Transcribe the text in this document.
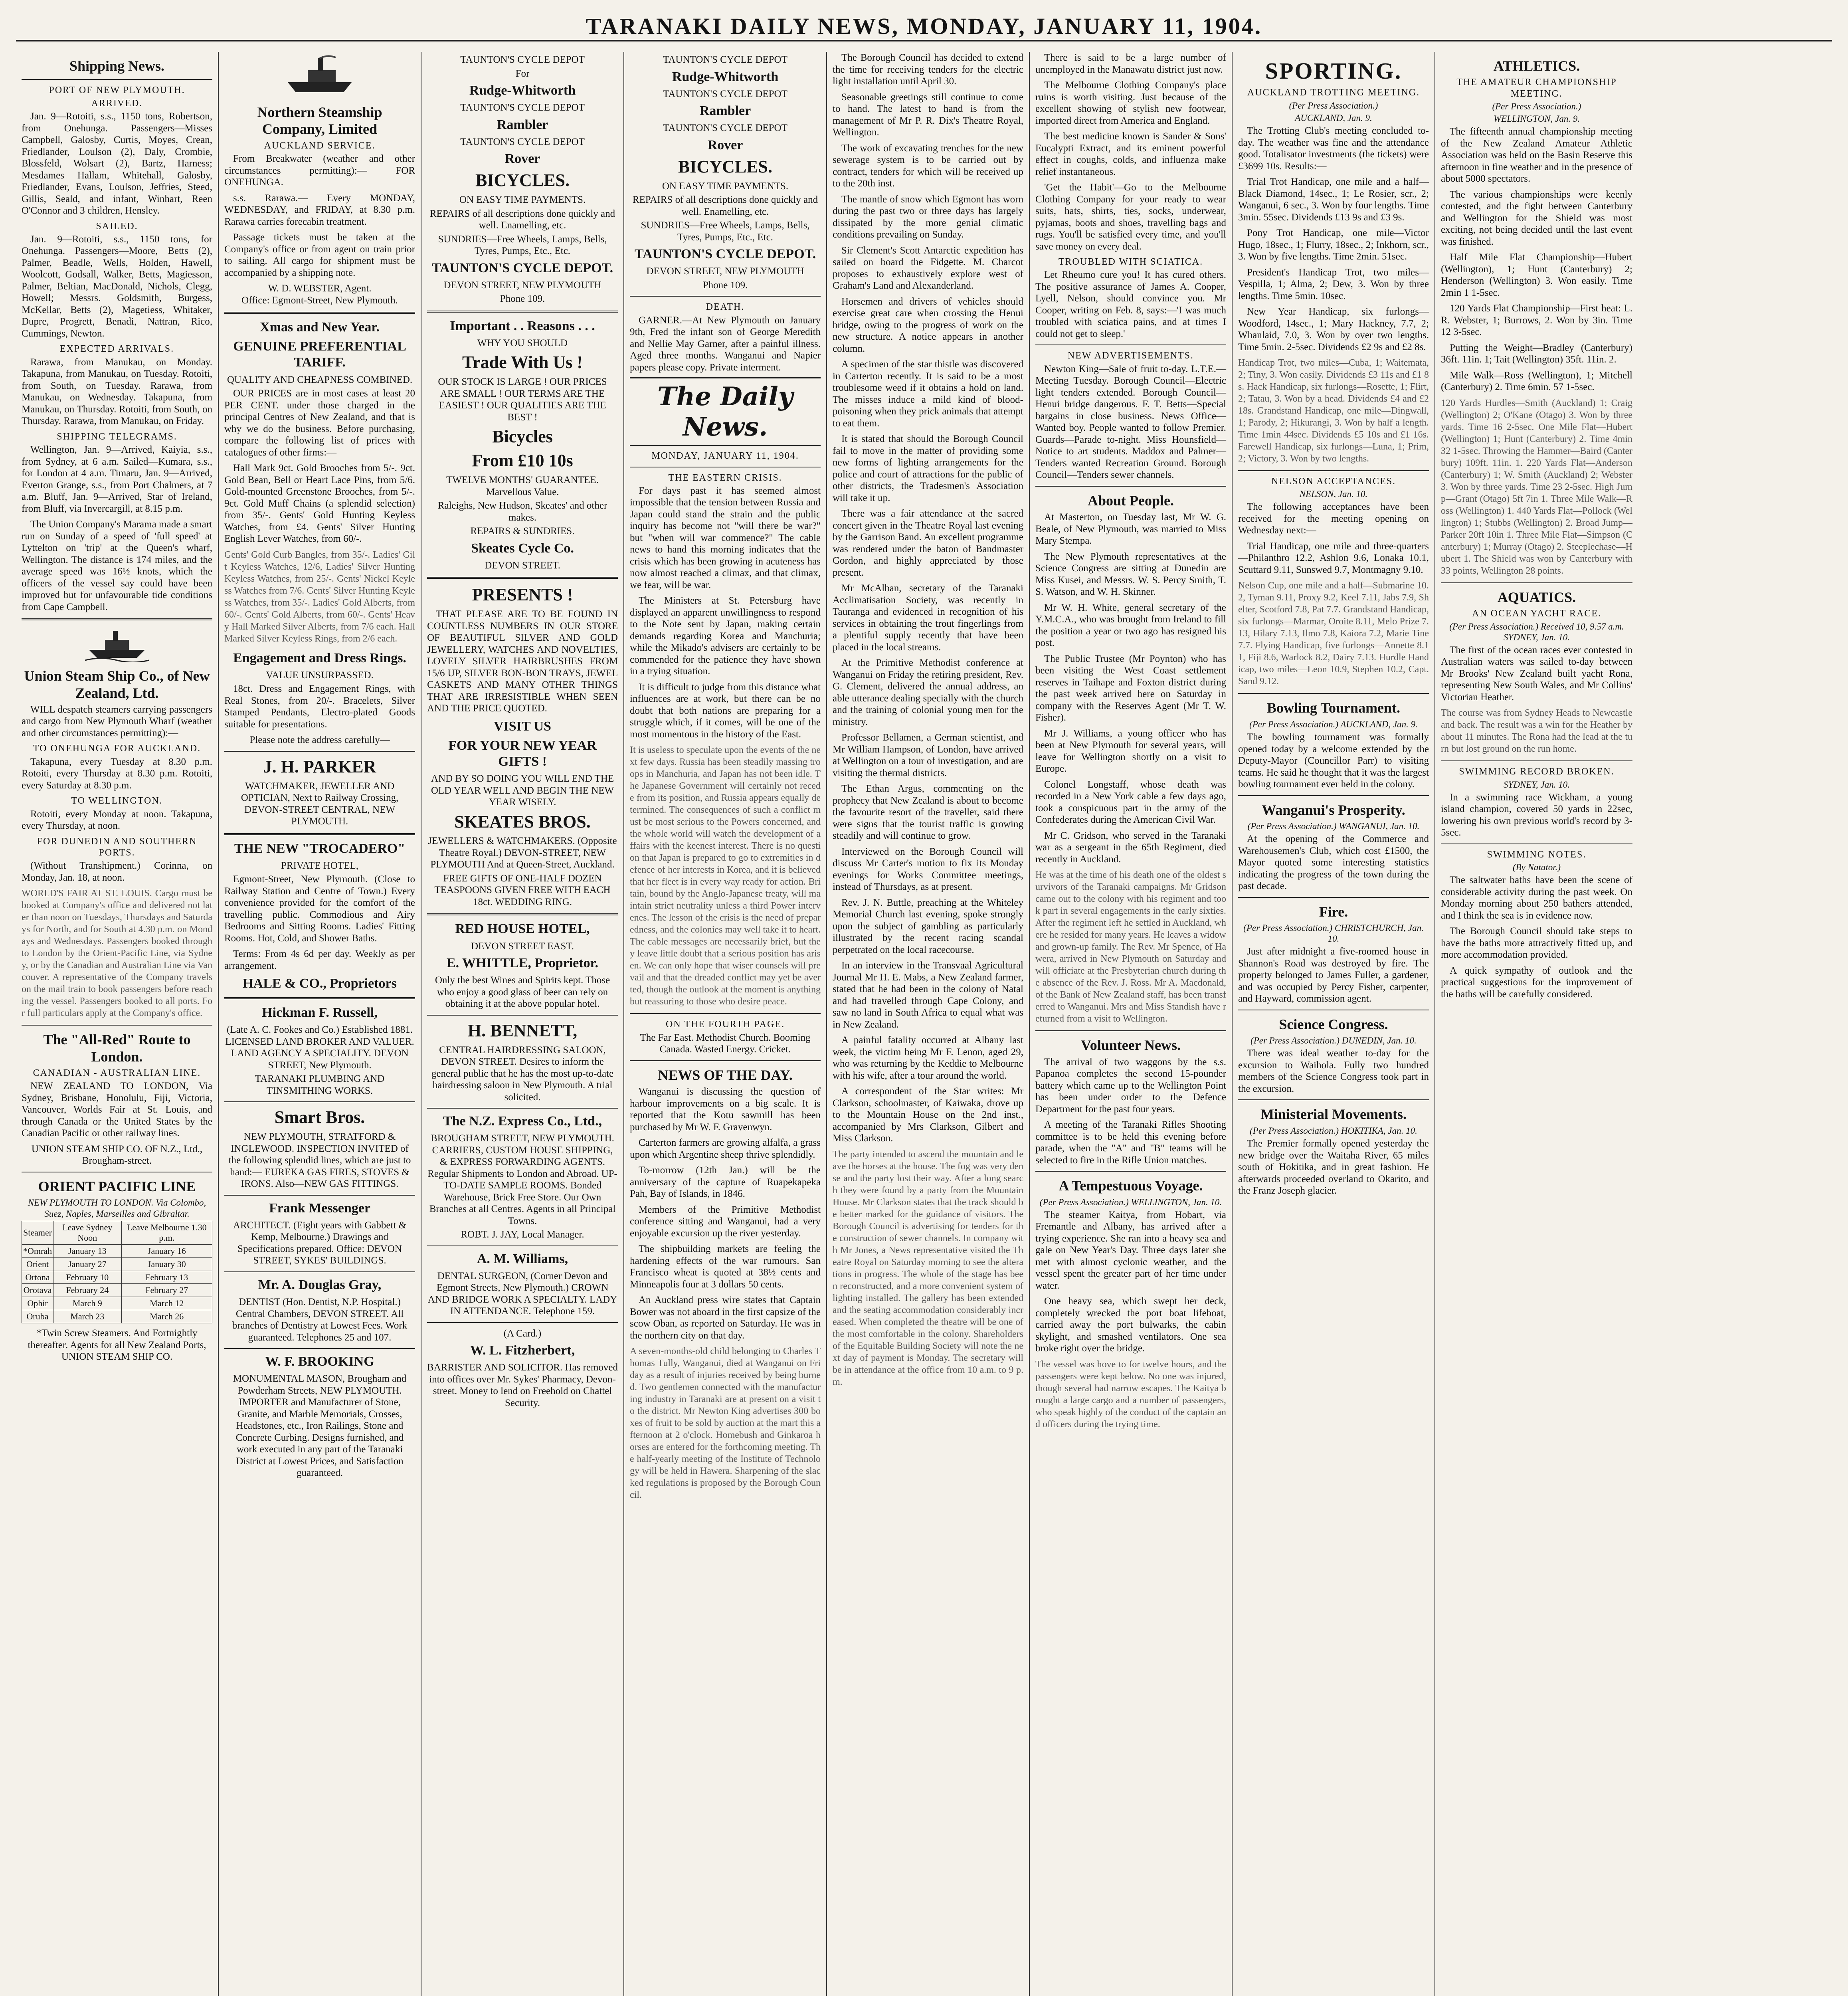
TARANAKI DAILY NEWS, MONDAY, JANUARY 11, 1904.
Shipping News.
PORT OF NEW PLYMOUTH.
ARRIVED.

Jan. 9—Rotoiti, s.s., 1150 tons, Robertson, from Onehunga. Passengers—Misses Campbell, Galosby, Curtis, Moyes, Crean, Friedlander, Loulson (2), Daly, Crombie, Blossfeld, Wolsart (2), Bartz, Harness; Mesdames Hallam, Whitehall, Galosby, Friedlander, Evans, Loulson, Jeffries, Steed, Gillis, Seald, and infant, Winhart, Reen O'Connor and 3 children, Hensley.

SAILED.

Jan. 9—Rotoiti, s.s., 1150 tons, for Onehunga. Passengers—Moore, Betts (2), Palmer, Beadle, Wells, Holden, Hawell, Woolcott, Godsall, Walker, Betts, Magiesson, Palmer, Beltian, MacDonald, Nichols, Clegg, Howell; Messrs. Goldsmith, Burgess, McKellar, Betts (2), Magetiess, Whitaker, Dupre, Progrett, Benadi, Nattran, Rico, Cummings, Newton.

EXPECTED ARRIVALS.

Rarawa, from Manukau, on Monday. Takapuna, from Manukau, on Tuesday. Rotoiti, from South, on Tuesday. Rarawa, from Manukau, on Wednesday. Takapuna, from Manukau, on Thursday. Rotoiti, from South, on Thursday. Rarawa, from Manukau, on Friday.

SHIPPING TELEGRAMS.

Wellington, Jan. 9—Arrived, Kaiyia, s.s., from Sydney, at 6 a.m. Sailed—Kumara, s.s., for London at 4 a.m. Timaru, Jan. 9—Arrived, Everton Grange, s.s., from Port Chalmers, at 7 a.m. Bluff, Jan. 9—Arrived, Star of Ireland, from Bluff, via Invercargill, at 8.15 p.m.

The Union Company's Marama made a smart run on Sunday of a speed of 'full speed' at Lyttelton on 'trip' at the Queen's wharf, Wellington. The distance is 174 miles, and the average speed was 16½ knots, which the officers of the vessel say could have been improved but for unfavourable tide conditions from Cape Campbell.

Union Steam Ship Co., of New Zealand, Ltd.

WILL despatch steamers carrying passengers and cargo from New Plymouth Wharf (weather and other circumstances permitting):—

TO ONEHUNGA FOR AUCKLAND.

Takapuna, every Tuesday at 8.30 p.m. Rotoiti, every Thursday at 8.30 p.m. Rotoiti, every Saturday at 8.30 p.m.

TO WELLINGTON.

Rotoiti, every Monday at noon. Takapuna, every Thursday, at noon.

FOR DUNEDIN AND SOUTHERN PORTS.

(Without Transhipment.) Corinna, on Monday, Jan. 18, at noon.

WORLD'S FAIR AT ST. LOUIS. Cargo must be booked at Company's office and delivered not later than noon on Tuesdays, Thursdays and Saturdays for North, and for South at 4.30 p.m. on Mondays and Wednesdays. Passengers booked through to London by the Orient-Pacific Line, via Sydney, or by the Canadian and Australian Line via Vancouver. A representative of the Company travels on the mail train to book passengers before reaching the vessel. Passengers booked to all ports. For full particulars apply at the Company's office.
The "All-Red" Route to London.
CANADIAN - AUSTRALIAN LINE.

NEW ZEALAND TO LONDON, Via Sydney, Brisbane, Honolulu, Fiji, Victoria, Vancouver, Worlds Fair at St. Louis, and through Canada or the United States by the Canadian Pacific or other railway lines.

UNION STEAM SHIP CO. OF N.Z., Ltd., Brougham-street.
ORIENT PACIFIC LINE
NEW PLYMOUTH TO LONDON. Via Colombo, Suez, Naples, Marseilles and Gibraltar.
Steamer	Leave Sydney Noon	Leave Melbourne 1.30 p.m.
*Omrah	January 13	January 16
Orient	January 27	January 30
Ortona	February 10	February 13
Orotava	February 24	February 27
Ophir	March 9	March 12
Oruba	March 23	March 26
*Twin Screw Steamers. And Fortnightly thereafter. Agents for all New Zealand Ports, UNION STEAM SHIP CO.
Northern Steamship Company, Limited
AUCKLAND SERVICE.

From Breakwater (weather and other circumstances permitting):— FOR ONEHUNGA.

s.s. Rarawa.— Every MONDAY, WEDNESDAY, and FRIDAY, at 8.30 p.m. Rarawa carries forecabin treatment.

Passage tickets must be taken at the Company's office or from agent on train prior to sailing. All cargo for shipment must be accompanied by a shipping note.

W. D. WEBSTER, Agent.
Office: Egmont-Street, New Plymouth.
Xmas and New Year.
GENUINE PREFERENTIAL TARIFF.
QUALITY AND CHEAPNESS COMBINED.

OUR PRICES are in most cases at least 20 PER CENT. under those charged in the principal Centres of New Zealand, and that is why we do the business. Before purchasing, compare the following list of prices with catalogues of other firms:—

Hall Mark 9ct. Gold Brooches from 5/-. 9ct. Gold Bean, Bell or Heart Lace Pins, from 5/6. Gold-mounted Greenstone Brooches, from 5/-. 9ct. Gold Muff Chains (a splendid selection) from 35/-. Gents' Gold Hunting Keyless Watches, from £4. Gents' Silver Hunting English Lever Watches, from 60/-.

Gents' Gold Curb Bangles, from 35/-. Ladies' Gilt Keyless Watches, 12/6, Ladies' Silver Hunting Keyless Watches, from 25/-. Gents' Nickel Keyless Watches from 7/6. Gents' Silver Hunting Keyless Watches, from 35/-. Ladies' Gold Alberts, from 60/-. Gents' Gold Alberts, from 60/-. Gents' Heavy Hall Marked Silver Alberts, from 7/6 each. Hall Marked Silver Keyless Rings, from 2/6 each.
Engagement and Dress Rings.
VALUE UNSURPASSED.

18ct. Dress and Engagement Rings, with Real Stones, from 20/-. Bracelets, Silver Stamped Pendants, Electro-plated Goods suitable for presentations.

Please note the address carefully—
J. H. PARKER
WATCHMAKER, JEWELLER AND OPTICIAN, Next to Railway Crossing, DEVON-STREET CENTRAL, NEW PLYMOUTH.
THE NEW "TROCADERO"
PRIVATE HOTEL,

Egmont-Street, New Plymouth. (Close to Railway Station and Centre of Town.) Every convenience provided for the comfort of the travelling public. Commodious and Airy Bedrooms and Sitting Rooms. Ladies' Fitting Rooms. Hot, Cold, and Shower Baths.

Terms: From 4s 6d per day. Weekly as per arrangement.

HALE & CO., Proprietors
Hickman F. Russell,
(Late A. C. Fookes and Co.) Established 1881. LICENSED LAND BROKER AND VALUER. LAND AGENCY A SPECIALITY. DEVON STREET, New Plymouth.
TARANAKI PLUMBING AND TINSMITHING WORKS.
Smart Bros.
NEW PLYMOUTH, STRATFORD & INGLEWOOD. INSPECTION INVITED of the following splendid lines, which are just to hand:— EUREKA GAS FIRES, STOVES & IRONS. Also—NEW GAS FITTINGS.
Frank Messenger
ARCHITECT. (Eight years with Gabbett & Kemp, Melbourne.) Drawings and Specifications prepared. Office: DEVON STREET, SYKES' BUILDINGS.
Mr. A. Douglas Gray,
DENTIST (Hon. Dentist, N.P. Hospital.) Central Chambers, DEVON STREET. All branches of Dentistry at Lowest Fees. Work guaranteed. Telephones 25 and 107.
W. F. BROOKING
MONUMENTAL MASON, Brougham and Powderham Streets, NEW PLYMOUTH. IMPORTER and Manufacturer of Stone, Granite, and Marble Memorials, Crosses, Headstones, etc., Iron Railings, Stone and Concrete Curbing. Designs furnished, and work executed in any part of the Taranaki District at Lowest Prices, and Satisfaction guaranteed.
TAUNTON'S CYCLE DEPOT
For
Rudge-Whitworth
TAUNTON'S CYCLE DEPOT
Rambler
TAUNTON'S CYCLE DEPOT
Rover
BICYCLES.
ON EASY TIME PAYMENTS.
REPAIRS of all descriptions done quickly and well. Enamelling, etc.
SUNDRIES—Free Wheels, Lamps, Bells, Tyres, Pumps, Etc., Etc.
TAUNTON'S CYCLE DEPOT.
DEVON STREET, NEW PLYMOUTH
Phone 109.
Important . . Reasons . . .
WHY YOU SHOULD
Trade With Us !
OUR STOCK IS LARGE ! OUR PRICES ARE SMALL ! OUR TERMS ARE THE EASIEST ! OUR QUALITIES ARE THE BEST !
Bicycles
From £10 10s
TWELVE MONTHS' GUARANTEE. Marvellous Value.
Raleighs, New Hudson, Skeates' and other makes.
REPAIRS & SUNDRIES.
Skeates Cycle Co.
DEVON STREET.
PRESENTS !

THAT PLEASE ARE TO BE FOUND IN COUNTLESS NUMBERS IN OUR STORE OF BEAUTIFUL SILVER AND GOLD JEWELLERY, WATCHES AND NOVELTIES, LOVELY SILVER HAIRBRUSHES FROM 15/6 UP, SILVER BON-BON TRAYS, JEWEL CASKETS AND MANY OTHER THINGS THAT ARE IRRESISTIBLE WHEN SEEN AND THE PRICE QUOTED.

VISIT US
FOR YOUR NEW YEAR GIFTS !
AND BY SO DOING YOU WILL END THE OLD YEAR WELL AND BEGIN THE NEW YEAR WISELY.
SKEATES BROS.
JEWELLERS & WATCHMAKERS. (Opposite Theatre Royal.) DEVON-STREET, NEW PLYMOUTH And at Queen-Street, Auckland.
FREE GIFTS OF ONE-HALF DOZEN TEASPOONS GIVEN FREE WITH EACH 18ct. WEDDING RING.
RED HOUSE HOTEL,
DEVON STREET EAST.
E. WHITTLE, Proprietor.
Only the best Wines and Spirits kept. Those who enjoy a good glass of beer can rely on obtaining it at the above popular hotel.
H. BENNETT,
CENTRAL HAIRDRESSING SALOON, DEVON STREET. Desires to inform the general public that he has the most up-to-date hairdressing saloon in New Plymouth. A trial solicited.
The N.Z. Express Co., Ltd.,
BROUGHAM STREET, NEW PLYMOUTH. CARRIERS, CUSTOM HOUSE SHIPPING, & EXPRESS FORWARDING AGENTS. Regular Shipments to London and Abroad. UP-TO-DATE SAMPLE ROOMS. Bonded Warehouse, Brick Free Store. Our Own Branches at all Centres. Agents in all Principal Towns.
ROBT. J. JAY, Local Manager.
A. M. Williams,
DENTAL SURGEON, (Corner Devon and Egmont Streets, New Plymouth.) CROWN AND BRIDGE WORK A SPECIALTY. LADY IN ATTENDANCE. Telephone 159.
(A Card.)
W. L. Fitzherbert,
BARRISTER AND SOLICITOR. Has removed into offices over Mr. Sykes' Pharmacy, Devon-street. Money to lend on Freehold on Chattel Security.
TAUNTON'S CYCLE DEPOT
Rudge-Whitworth
TAUNTON'S CYCLE DEPOT
Rambler
TAUNTON'S CYCLE DEPOT
Rover
BICYCLES.
ON EASY TIME PAYMENTS.
REPAIRS of all descriptions done quickly and well. Enamelling, etc.
SUNDRIES—Free Wheels, Lamps, Bells, Tyres, Pumps, Etc., Etc.
TAUNTON'S CYCLE DEPOT.
DEVON STREET, NEW PLYMOUTH
Phone 109.
DEATH.

GARNER.—At New Plymouth on January 9th, Fred the infant son of George Meredith and Nellie May Garner, after a painful illness. Aged three months. Wanganui and Napier papers please copy. Private interment.

The Daily News.
MONDAY, JANUARY 11, 1904.
THE EASTERN CRISIS.

For days past it has seemed almost impossible that the tension between Russia and Japan could stand the strain and the public inquiry has become not "will there be war?" but "when will war commence?" The cable news to hand this morning indicates that the crisis which has been growing in acuteness has now almost reached a climax, and that climax, we fear, will be war.

The Ministers at St. Petersburg have displayed an apparent unwillingness to respond to the Note sent by Japan, making certain demands regarding Korea and Manchuria; while the Mikado's advisers are certainly to be commended for the patience they have shown in a trying situation.

It is difficult to judge from this distance what influences are at work, but there can be no doubt that both nations are preparing for a struggle which, if it comes, will be one of the most momentous in the history of the East.

It is useless to speculate upon the events of the next few days. Russia has been steadily massing troops in Manchuria, and Japan has not been idle. The Japanese Government will certainly not recede from its position, and Russia appears equally determined. The consequences of such a conflict must be most serious to the Powers concerned, and the whole world will watch the development of affairs with the keenest interest. There is no question that Japan is prepared to go to extremities in defence of her interests in Korea, and it is believed that her fleet is in every way ready for action. Britain, bound by the Anglo-Japanese treaty, will maintain strict neutrality unless a third Power intervenes. The lesson of the crisis is the need of preparedness, and the colonies may well take it to heart. The cable messages are necessarily brief, but they leave little doubt that a serious position has arisen. We can only hope that wiser counsels will prevail and that the dreaded conflict may yet be averted, though the outlook at the moment is anything but reassuring to those who desire peace.
ON THE FOURTH PAGE.
The Far East. Methodist Church. Booming Canada. Wasted Energy. Cricket.
NEWS OF THE DAY.

Wanganui is discussing the question of harbour improvements on a big scale. It is reported that the Kotu sawmill has been purchased by Mr W. F. Gravenwyn.

Carterton farmers are growing alfalfa, a grass upon which Argentine sheep thrive splendidly.

To-morrow (12th Jan.) will be the anniversary of the capture of Ruapekapeka Pah, Bay of Islands, in 1846.

Members of the Primitive Methodist conference sitting and Wanganui, had a very enjoyable excursion up the river yesterday.

The shipbuilding markets are feeling the hardening effects of the war rumours. San Francisco wheat is quoted at 38½ cents and Minneapolis four at 3 dollars 50 cents.

An Auckland press wire states that Captain Bower was not aboard in the first capsize of the scow Oban, as reported on Saturday. He was in the northern city on that day.

A seven-months-old child belonging to Charles Thomas Tully, Wanganui, died at Wanganui on Friday as a result of injuries received by being burned. Two gentlemen connected with the manufacturing industry in Taranaki are at present on a visit to the district. Mr Newton King advertises 300 boxes of fruit to be sold by auction at the mart this afternoon at 2 o'clock. Homebush and Ginkaroa horses are entered for the forthcoming meeting. The half-yearly meeting of the Institute of Technology will be held in Hawera. Sharpening of the slacked regulations is proposed by the Borough Council.

The Borough Council has decided to extend the time for receiving tenders for the electric light installation until April 30.

Seasonable greetings still continue to come to hand. The latest to hand is from the management of Mr P. R. Dix's Theatre Royal, Wellington.

The work of excavating trenches for the new sewerage system is to be carried out by contract, tenders for which will be received up to the 20th inst.

The mantle of snow which Egmont has worn during the past two or three days has largely dissipated by the more genial climatic conditions prevailing on Sunday.

Sir Clement's Scott Antarctic expedition has sailed on board the Fidgette. M. Charcot proposes to exhaustively explore west of Graham's Land and Alexanderland.

Horsemen and drivers of vehicles should exercise great care when crossing the Henui bridge, owing to the progress of work on the new structure. A notice appears in another column.

A specimen of the star thistle was discovered in Carterton recently. It is said to be a most troublesome weed if it obtains a hold on land. The misses induce a mild kind of blood-poisoning when they prick animals that attempt to eat them.

It is stated that should the Borough Council fail to move in the matter of providing some new forms of lighting arrangements for the police and court of attractions for the public of other districts, the Tradesmen's Association will take it up.

There was a fair attendance at the sacred concert given in the Theatre Royal last evening by the Garrison Band. An excellent programme was rendered under the baton of Bandmaster Gordon, and highly appreciated by those present.

Mr McAlban, secretary of the Taranaki Acclimatisation Society, was recently in Tauranga and evidenced in recognition of his services in obtaining the trout fingerlings from a plentiful supply recently that have been placed in the local streams.

At the Primitive Methodist conference at Wanganui on Friday the retiring president, Rev. G. Clement, delivered the annual address, an able utterance dealing specially with the church and the training of colonial young men for the ministry.

Professor Bellamen, a German scientist, and Mr William Hampson, of London, have arrived at Wellington on a tour of investigation, and are visiting the thermal districts.

The Ethan Argus, commenting on the prophecy that New Zealand is about to become the favourite resort of the traveller, said there were signs that the tourist traffic is growing steadily and will continue to grow.

Interviewed on the Borough Council will discuss Mr Carter's motion to fix its Monday evenings for Works Committee meetings, instead of Thursdays, as at present.

Rev. J. N. Buttle, preaching at the Whiteley Memorial Church last evening, spoke strongly upon the subject of gambling as particularly illustrated by the recent racing scandal perpetrated on the local racecourse.

In an interview in the Transvaal Agricultural Journal Mr H. E. Mabs, a New Zealand farmer, stated that he had been in the colony of Natal and had travelled through Cape Colony, and saw no land in South Africa to equal what was in New Zealand.

A painful fatality occurred at Albany last week, the victim being Mr F. Lenon, aged 29, who was returning by the Keddie to Melbourne with his wife, after a tour around the world.

A correspondent of the Star writes: Mr Clarkson, schoolmaster, of Kaiwaka, drove up to the Mountain House on the 2nd inst., accompanied by Mrs Clarkson, Gilbert and Miss Clarkson.

The party intended to ascend the mountain and leave the horses at the house. The fog was very dense and the party lost their way. After a long search they were found by a party from the Mountain House. Mr Clarkson states that the track should be better marked for the guidance of visitors. The Borough Council is advertising for tenders for the construction of sewer channels. In company with Mr Jones, a News representative visited the Theatre Royal on Saturday morning to see the alterations in progress. The whole of the stage has been reconstructed, and a more convenient system of lighting installed. The gallery has been extended and the seating accommodation considerably increased. When completed the theatre will be one of the most comfortable in the colony. Shareholders of the Equitable Building Society will note the next day of payment is Monday. The secretary will be in attendance at the office from 10 a.m. to 9 p.m.

There is said to be a large number of unemployed in the Manawatu district just now.

The Melbourne Clothing Company's place ruins is worth visiting. Just because of the excellent showing of stylish new footwear, imported direct from America and England.

The best medicine known is Sander & Sons' Eucalypti Extract, and its eminent powerful effect in coughs, colds, and influenza make relief instantaneous.

'Get the Habit'—Go to the Melbourne Clothing Company for your ready to wear suits, hats, shirts, ties, socks, underwear, pyjamas, boots and shoes, travelling bags and rugs. You'll be satisfied every time, and you'll save money on every deal.

TROUBLED WITH SCIATICA.

Let Rheumo cure you! It has cured others. The positive assurance of James A. Cooper, Lyell, Nelson, should convince you. Mr Cooper, writing on Feb. 8, says:—'I was much troubled with sciatica pains, and at times I could not get to sleep.'

NEW ADVERTISEMENTS.

Newton King—Sale of fruit to-day. L.T.E.—Meeting Tuesday. Borough Council—Electric light tenders extended. Borough Council—Henui bridge dangerous. F. T. Betts—Special bargains in close business. News Office—Wanted boy. People wanted to follow Premier. Guards—Parade to-night. Miss Hounsfield—Notice to art students. Maddox and Palmer—Tenders wanted Recreation Ground. Borough Council—Tenders sewer channels.

About People.

At Masterton, on Tuesday last, Mr W. G. Beale, of New Plymouth, was married to Miss Mary Stempa.

The New Plymouth representatives at the Science Congress are sitting at Dunedin are Miss Kusei, and Messrs. W. S. Percy Smith, T. S. Watson, and W. H. Skinner.

Mr W. H. White, general secretary of the Y.M.C.A., who was brought from Ireland to fill the position a year or two ago has resigned his post.

The Public Trustee (Mr Poynton) who has been visiting the West Coast settlement reserves in Taihape and Foxton district during the past week arrived here on Saturday in company with the Reserves Agent (Mr T. W. Fisher).

Mr J. Williams, a young officer who has been at New Plymouth for several years, will leave for Wellington shortly on a visit to Europe.

Colonel Longstaff, whose death was recorded in a New York cable a few days ago, took a conspicuous part in the army of the Confederates during the American Civil War.

Mr C. Gridson, who served in the Taranaki war as a sergeant in the 65th Regiment, died recently in Auckland.

He was at the time of his death one of the oldest survivors of the Taranaki campaigns. Mr Gridson came out to the colony with his regiment and took part in several engagements in the early sixties. After the regiment left he settled in Auckland, where he resided for many years. He leaves a widow and grown-up family. The Rev. Mr Spence, of Hawera, arrived in New Plymouth on Saturday and will officiate at the Presbyterian church during the absence of the Rev. J. Ross. Mr A. Macdonald, of the Bank of New Zealand staff, has been transferred to Wanganui. Mrs and Miss Standish have returned from a visit to Wellington.
Volunteer News.

The arrival of two waggons by the s.s. Papanoa completes the second 15-pounder battery which came up to the Wellington Point has been under order to the Defence Department for the past four years.

A meeting of the Taranaki Rifles Shooting committee is to be held this evening before parade, when the "A" and "B" teams will be selected to fire in the Rifle Union matches.

A Tempestuous Voyage.
(Per Press Association.) WELLINGTON, Jan. 10.

The steamer Kaitya, from Hobart, via Fremantle and Albany, has arrived after a trying experience. She ran into a heavy sea and gale on New Year's Day. Three days later she met with almost cyclonic weather, and the vessel spent the greater part of her time under water.

One heavy sea, which swept her deck, completely wrecked the port boat lifeboat, carried away the port bulwarks, the cabin skylight, and smashed ventilators. One sea broke right over the bridge.

The vessel was hove to for twelve hours, and the passengers were kept below. No one was injured, though several had narrow escapes. The Kaitya brought a large cargo and a number of passengers, who speak highly of the conduct of the captain and officers during the trying time.
SPORTING.
AUCKLAND TROTTING MEETING.
(Per Press Association.)
AUCKLAND, Jan. 9.

The Trotting Club's meeting concluded to-day. The weather was fine and the attendance good. Totalisator investments (the tickets) were £3699 10s. Results:—

Trial Trot Handicap, one mile and a half—Black Diamond, 14sec., 1; Le Rosier, scr., 2; Wanganui, 6 sec., 3. Won by four lengths. Time 3min. 55sec. Dividends £13 9s and £3 9s.

Pony Trot Handicap, one mile—Victor Hugo, 18sec., 1; Flurry, 18sec., 2; Inkhorn, scr., 3. Won by five lengths. Time 2min. 51sec.

President's Handicap Trot, two miles—Vespilla, 1; Alma, 2; Dew, 3. Won by three lengths. Time 5min. 10sec.

New Year Handicap, six furlongs—Woodford, 14sec., 1; Mary Hackney, 7.7, 2; Whanlaid, 7.0, 3. Won by over two lengths. Time 5min. 2-5sec. Dividends £2 9s and £2 8s.

Handicap Trot, two miles—Cuba, 1; Waitemata, 2; Tiny, 3. Won easily. Dividends £3 11s and £1 8s. Hack Handicap, six furlongs—Rosette, 1; Flirt, 2; Tatau, 3. Won by a head. Dividends £4 and £2 18s. Grandstand Handicap, one mile—Dingwall, 1; Parody, 2; Hikurangi, 3. Won by half a length. Time 1min 44sec. Dividends £5 10s and £1 16s. Farewell Handicap, six furlongs—Luna, 1; Prim, 2; Victory, 3. Won by two lengths.
NELSON ACCEPTANCES.
NELSON, Jan. 10.

The following acceptances have been received for the meeting opening on Wednesday next:—

Trial Handicap, one mile and three-quarters—Philanthro 12.2, Ashlon 9.6, Lonaka 10.1, Scuttard 9.11, Sunswed 9.7, Montmagny 9.10.

Nelson Cup, one mile and a half—Submarine 10.2, Tyman 9.11, Proxy 9.2, Keel 7.11, Jabs 7.9, Shelter, Scotford 7.8, Pat 7.7. Grandstand Handicap, six furlongs—Marmar, Oroite 8.11, Melo Prize 7.13, Hilary 7.13, Ilmo 7.8, Kaiora 7.2, Marie Tine 7.7. Flying Handicap, five furlongs—Annette 8.11, Fiji 8.6, Warlock 8.2, Dairy 7.13. Hurdle Handicap, two miles—Leon 10.9, Stephen 10.2, Capt. Sand 9.12.
Bowling Tournament.
(Per Press Association.) AUCKLAND, Jan. 9.

The bowling tournament was formally opened today by a welcome extended by the Deputy-Mayor (Councillor Parr) to visiting teams. He said he thought that it was the largest bowling tournament ever held in the colony.

Wanganui's Prosperity.
(Per Press Association.) WANGANUI, Jan. 10.

At the opening of the Commerce and Warehousemen's Club, which cost £1500, the Mayor quoted some interesting statistics indicating the progress of the town during the past decade.

Fire.
(Per Press Association.) CHRISTCHURCH, Jan. 10.

Just after midnight a five-roomed house in Shannon's Road was destroyed by fire. The property belonged to James Fuller, a gardener, and was occupied by Percy Fisher, carpenter, and Hayward, commission agent.

Science Congress.
(Per Press Association.) DUNEDIN, Jan. 10.

There was ideal weather to-day for the excursion to Waihola. Fully two hundred members of the Science Congress took part in the excursion.

Ministerial Movements.
(Per Press Association.) HOKITIKA, Jan. 10.

The Premier formally opened yesterday the new bridge over the Waitaha River, 65 miles south of Hokitika, and in great fashion. He afterwards proceeded overland to Okarito, and the Franz Joseph glacier.

ATHLETICS.
THE AMATEUR CHAMPIONSHIP MEETING.
(Per Press Association.)
WELLINGTON, Jan. 9.

The fifteenth annual championship meeting of the New Zealand Amateur Athletic Association was held on the Basin Reserve this afternoon in fine weather and in the presence of about 5000 spectators.

The various championships were keenly contested, and the fight between Canterbury and Wellington for the Shield was most exciting, not being decided until the last event was finished.

Half Mile Flat Championship—Hubert (Wellington), 1; Hunt (Canterbury) 2; Henderson (Wellington) 3. Won easily. Time 2min 1 1-5sec.

120 Yards Flat Championship—First heat: L. R. Webster, 1; Burrows, 2. Won by 3in. Time 12 3-5sec.

Putting the Weight—Bradley (Canterbury) 36ft. 11in. 1; Tait (Wellington) 35ft. 11in. 2.

Mile Walk—Ross (Wellington), 1; Mitchell (Canterbury) 2. Time 6min. 57 1-5sec.

120 Yards Hurdles—Smith (Auckland) 1; Craig (Wellington) 2; O'Kane (Otago) 3. Won by three yards. Time 16 2-5sec. One Mile Flat—Hubert (Wellington) 1; Hunt (Canterbury) 2. Time 4min 32 1-5sec. Throwing the Hammer—Baird (Canterbury) 109ft. 11in. 1. 220 Yards Flat—Anderson (Canterbury) 1; W. Smith (Auckland) 2; Webster 3. Won by three yards. Time 23 2-5sec. High Jump—Grant (Otago) 5ft 7in 1. Three Mile Walk—Ross (Wellington) 1. 440 Yards Flat—Pollock (Wellington) 1; Stubbs (Wellington) 2. Broad Jump—Parker 20ft 10in 1. Three Mile Flat—Simpson (Canterbury) 1; Murray (Otago) 2. Steeplechase—Hubert 1. The Shield was won by Canterbury with 33 points, Wellington 28 points.
AQUATICS.
AN OCEAN YACHT RACE.
(Per Press Association.) Received 10, 9.57 a.m. SYDNEY, Jan. 10.

The first of the ocean races ever contested in Australian waters was sailed to-day between Mr Brooks' New Zealand built yacht Rona, representing New South Wales, and Mr Collins' Victorian Heather.

The course was from Sydney Heads to Newcastle and back. The result was a win for the Heather by about 11 minutes. The Rona had the lead at the turn but lost ground on the run home.
SWIMMING RECORD BROKEN.
SYDNEY, Jan. 10.

In a swimming race Wickham, a young island champion, covered 50 yards in 22sec, lowering his own previous world's record by 3-5sec.

SWIMMING NOTES.
(By Natator.)

The saltwater baths have been the scene of considerable activity during the past week. On Monday morning about 250 bathers attended, and I think the sea is in evidence now.

The Borough Council should take steps to have the baths more attractively fitted up, and more accommodation provided.

A quick sympathy of outlook and the practical suggestions for the improvement of the baths will be carefully considered.
